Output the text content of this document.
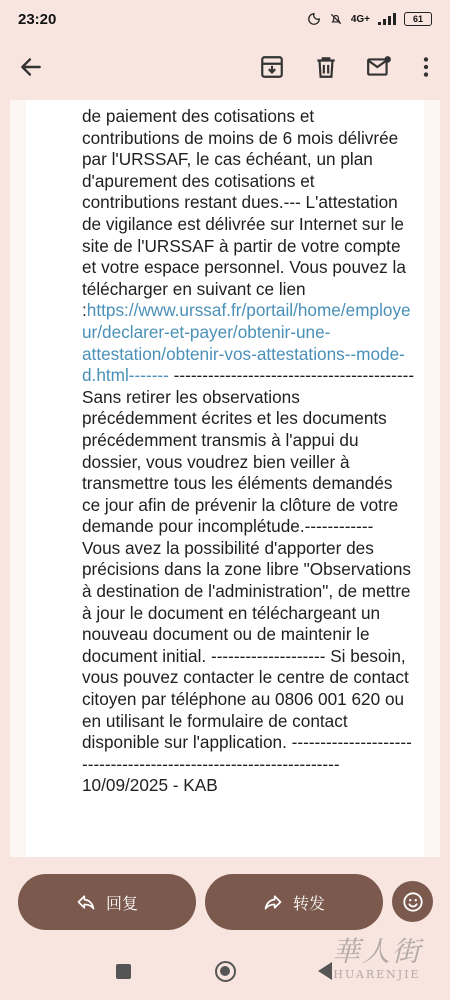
23:20	4G+	61
de paiement des cotisations et contributions de moins de 6 mois délivrée par l'URSSAF, le cas échéant, un plan d'apurement des cotisations et contributions restant dues.--- L'attestation de vigilance est délivrée sur Internet sur le site de l'URSSAF à partir de votre compte et votre espace personnel. Vous pouvez la télécharger en suivant ce lien :https://www.urssaf.fr/portail/home/employeur/declarer-et-payer/obtenir-une-attestation/obtenir-vos-attestations--mode-d.html------- ------------------------------------------ Sans retirer les observations précédemment écrites et les documents précédemment transmis à l'appui du dossier, vous voudrez bien veiller à transmettre tous les éléments demandés ce jour afin de prévenir la clôture de votre demande pour incomplétude.------------ Vous avez la possibilité d'apporter des précisions dans la zone libre "Observations à destination de l'administration", de mettre à jour le document en téléchargeant un nouveau document ou de maintenir le document initial. -------------------- Si besoin, vous pouvez contacter le centre de contact citoyen par téléphone au 0806 001 620 ou en utilisant le formulaire de contact disponible sur l'application. ------------------------------------------------------------------ 10/09/2025 - KAB
回复	转发
華人街
HUARENJIE
